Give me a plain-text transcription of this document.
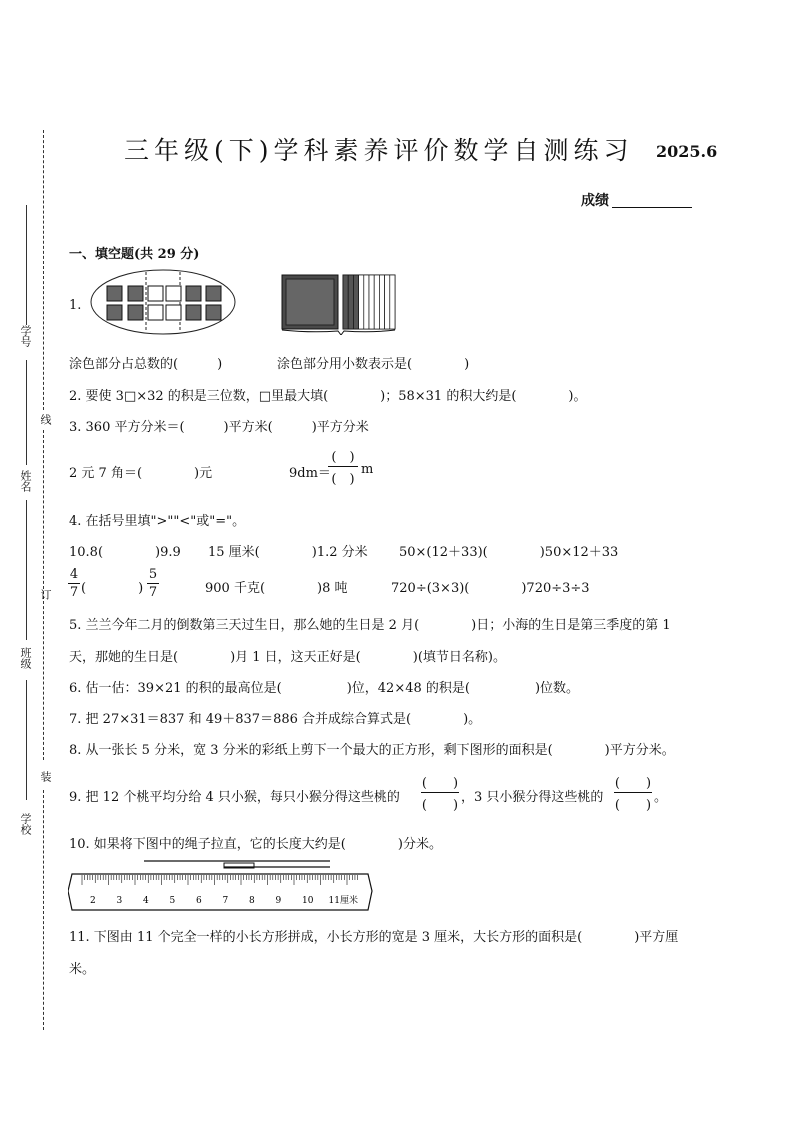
学号
线
姓名
订
班级
装
学校
三年级(下)学科素养评价数学自测练习 2025.6
成绩
一、填空题(共 29 分)
1.
涂色部分占总数的(　　　)	涂色部分用小数表示是(　　　　)
2. 要使 3□×32 的积是三位数，□里最大填(　　　　)；58×31 的积大约是(　　　　)。
3. 360 平方分米＝(　　　)平方米(　　　)平方分米
2 元 7 角＝(　　　　)元	9dm＝
(　)
(　)
m
4. 在括号里填">""<"或"="。
10.8(　　　　)9.9 15 厘米(　　　　)1.2 分米 50×(12＋33)(　　　　)50×12＋33
4
7 (　　　　)
5
7	900 千克(　　　　)8 吨	720÷(3×3)(　　　　)720÷3÷3
5. 兰兰今年二月的倒数第三天过生日，那么她的生日是 2 月(　　　　)日；小海的生日是第三季度的第 1
天，那她的生日是(　　　　)月 1 日，这天正好是(　　　　)(填节日名称)。
6. 估一估：39×21 的积的最高位是(　　　　　)位，42×48 的积是(　　　　　)位数。
7. 把 27×31＝837 和 49＋837＝886 合并成综合算式是(　　　　)。
8. 从一张长 5 分米，宽 3 分米的彩纸上剪下一个最大的正方形，剩下图形的面积是(　　　　)平方分米。
9. 把 12 个桃平均分给 4 只小猴，每只小猴分得这些桃的
(　　)
(　　)
，3 只小猴分得这些桃的
(　　)
(　　)
。
10. 如果将下图中的绳子拉直，它的长度大约是(　　　　)分米。
2 3 4 5 6 7 8 9 10 11厘米
11. 下图由 11 个完全一样的小长方形拼成，小长方形的宽是 3 厘米，大长方形的面积是(　　　　)平方厘
米。
